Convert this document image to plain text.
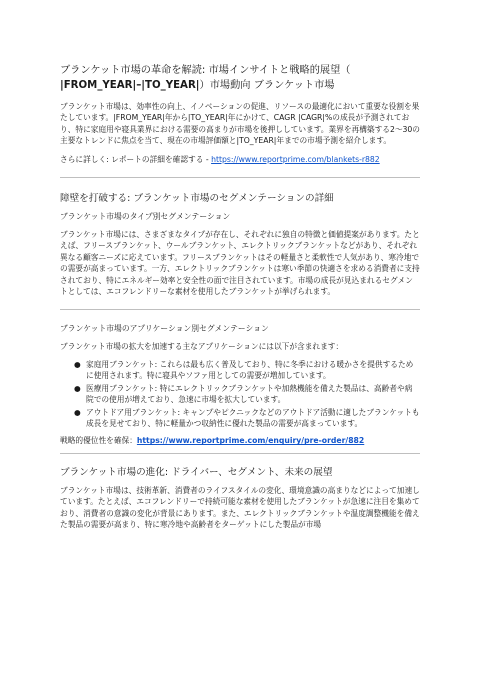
ブランケット市場の革命を解読: 市場インサイトと戦略的展望（
|FROM_YEAR|–|TO_YEAR|）市場動向 ブランケット市場

ブランケット市場は、効率性の向上、イノベーションの促進、リソースの最適化において重要な役割を果たしています。|FROM_YEAR|年から|TO_YEAR|年にかけて、CAGR |CAGR|%の成長が予測されており、特に家庭用や寝具業界における需要の高まりが市場を後押ししています。業界を再構築する2～30の主要なトレンドに焦点を当て、現在の市場評価額と|TO_YEAR|年までの市場予測を紹介します。

さらに詳しく: レポートの詳細を確認する - https://www.reportprime.com/blankets-r882

障壁を打破する: ブランケット市場のセグメンテーションの詳細
ブランケット市場のタイプ別セグメンテーション

ブランケット市場には、さまざまなタイプが存在し、それぞれに独自の特徴と価値提案があります。たとえば、フリースブランケット、ウールブランケット、エレクトリックブランケットなどがあり、それぞれ異なる顧客ニーズに応えています。フリースブランケットはその軽量さと柔軟性で人気があり、寒冷地での需要が高まっています。一方、エレクトリックブランケットは寒い季節の快適さを求める消費者に支持されており、特にエネルギー効率と安全性の面で注目されています。市場の成長が見込まれるセグメントとしては、エコフレンドリーな素材を使用したブランケットが挙げられます。

ブランケット市場のアプリケーション別セグメンテーション

ブランケット市場の拡大を加速する主なアプリケーションには以下が含まれます：

● 家庭用ブランケット: これらは最も広く普及しており、特に冬季における暖かさを提供するために使用されます。特に寝具やソファ用としての需要が増加しています。
● 医療用ブランケット: 特にエレクトリックブランケットや加熱機能を備えた製品は、高齢者や病院での使用が増えており、急速に市場を拡大しています。
● アウトドア用ブランケット: キャンプやピクニックなどのアウトドア活動に適したブランケットも成長を見せており、特に軽量かつ収納性に優れた製品の需要が高まっています。

戦略的優位性を確保：https://www.reportprime.com/enquiry/pre-order/882

ブランケット市場の進化: ドライバー、セグメント、未来の展望

ブランケット市場は、技術革新、消費者のライフスタイルの変化、環境意識の高まりなどによって加速しています。たとえば、エコフレンドリーで持続可能な素材を使用したブランケットが急速に注目を集めており、消費者の意識の変化が背景にあります。また、エレクトリックブランケットや温度調整機能を備えた製品の需要が高まり、特に寒冷地や高齢者をターゲットにした製品が市場
